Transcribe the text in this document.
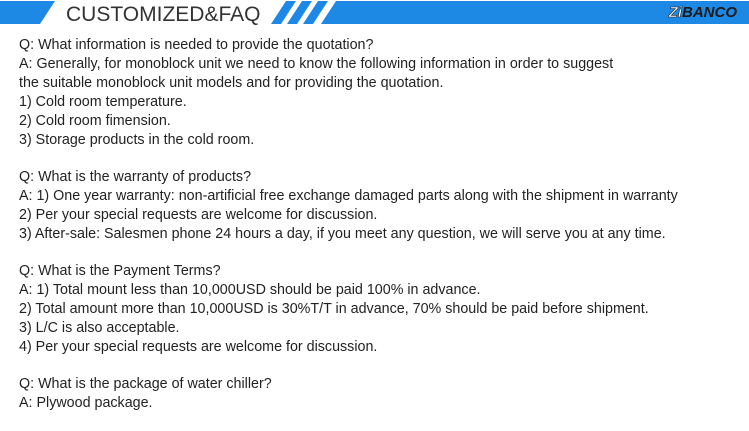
CUSTOMIZED&FAQ	ZiBANCO
Q: What information is needed to provide the quotation?
A: Generally, for monoblock unit we need to know the following information in order to suggest
the suitable monoblock unit models and for providing the quotation.
1) Cold room temperature.
2) Cold room fimension.
3) Storage products in the cold room.
Q: What is the warranty of products?
A: 1) One year warranty: non-artificial free exchange damaged parts along with the shipment in warranty
2) Per your special requests are welcome for discussion.
3) After-sale: Salesmen phone 24 hours a day, if you meet any question, we will serve you at any time.
Q: What is the Payment Terms?
A: 1) Total mount less than 10,000USD should be paid 100% in advance.
2) Total amount more than 10,000USD is 30%T/T in advance, 70% should be paid before shipment.
3) L/C is also acceptable.
4) Per your special requests are welcome for discussion.
Q: What is the package of water chiller?
A: Plywood package.
